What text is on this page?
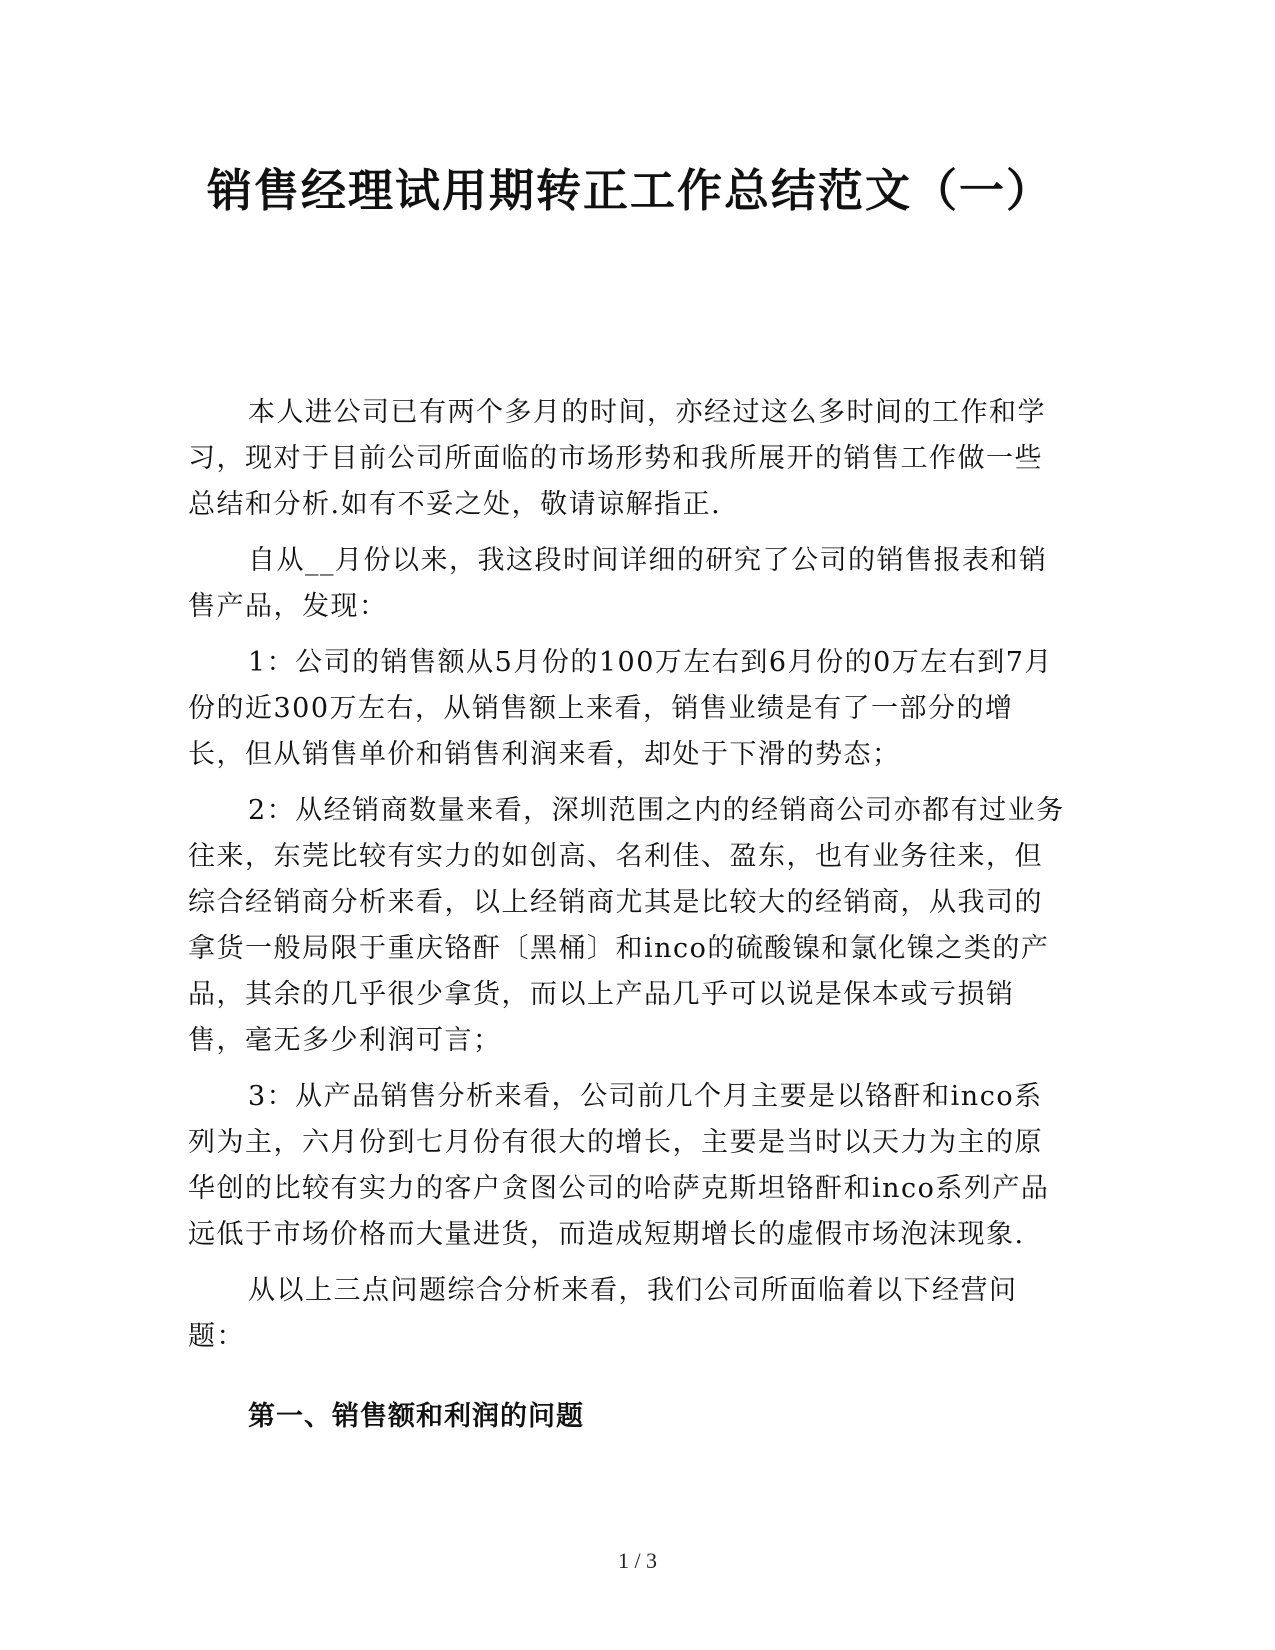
销售经理试用期转正工作总结范文（一）

本人进公司已有两个多月的时间，亦经过这么多时间的工作和学习，现对于目前公司所面临的市场形势和我所展开的销售工作做一些总结和分析.如有不妥之处，敬请谅解指正.

自从__月份以来，我这段时间详细的研究了公司的销售报表和销售产品，发现：

1：公司的销售额从5月份的100万左右到6月份的0万左右到7月份的近300万左右，从销售额上来看，销售业绩是有了一部分的增长，但从销售单价和销售利润来看，却处于下滑的势态；

2：从经销商数量来看，深圳范围之内的经销商公司亦都有过业务往来，东莞比较有实力的如创高、名利佳、盈东，也有业务往来，但综合经销商分析来看，以上经销商尤其是比较大的经销商，从我司的拿货一般局限于重庆铬酐〔黑桶〕和inco的硫酸镍和氯化镍之类的产品，其余的几乎很少拿货，而以上产品几乎可以说是保本或亏损销售，毫无多少利润可言；

3：从产品销售分析来看，公司前几个月主要是以铬酐和inco系列为主，六月份到七月份有很大的增长，主要是当时以天力为主的原华创的比较有实力的客户贪图公司的哈萨克斯坦铬酐和inco系列产品远低于市场价格而大量进货，而造成短期增长的虚假市场泡沫现象.

从以上三点问题综合分析来看，我们公司所面临着以下经营问题：

第一、销售额和利润的问题

1 / 3
